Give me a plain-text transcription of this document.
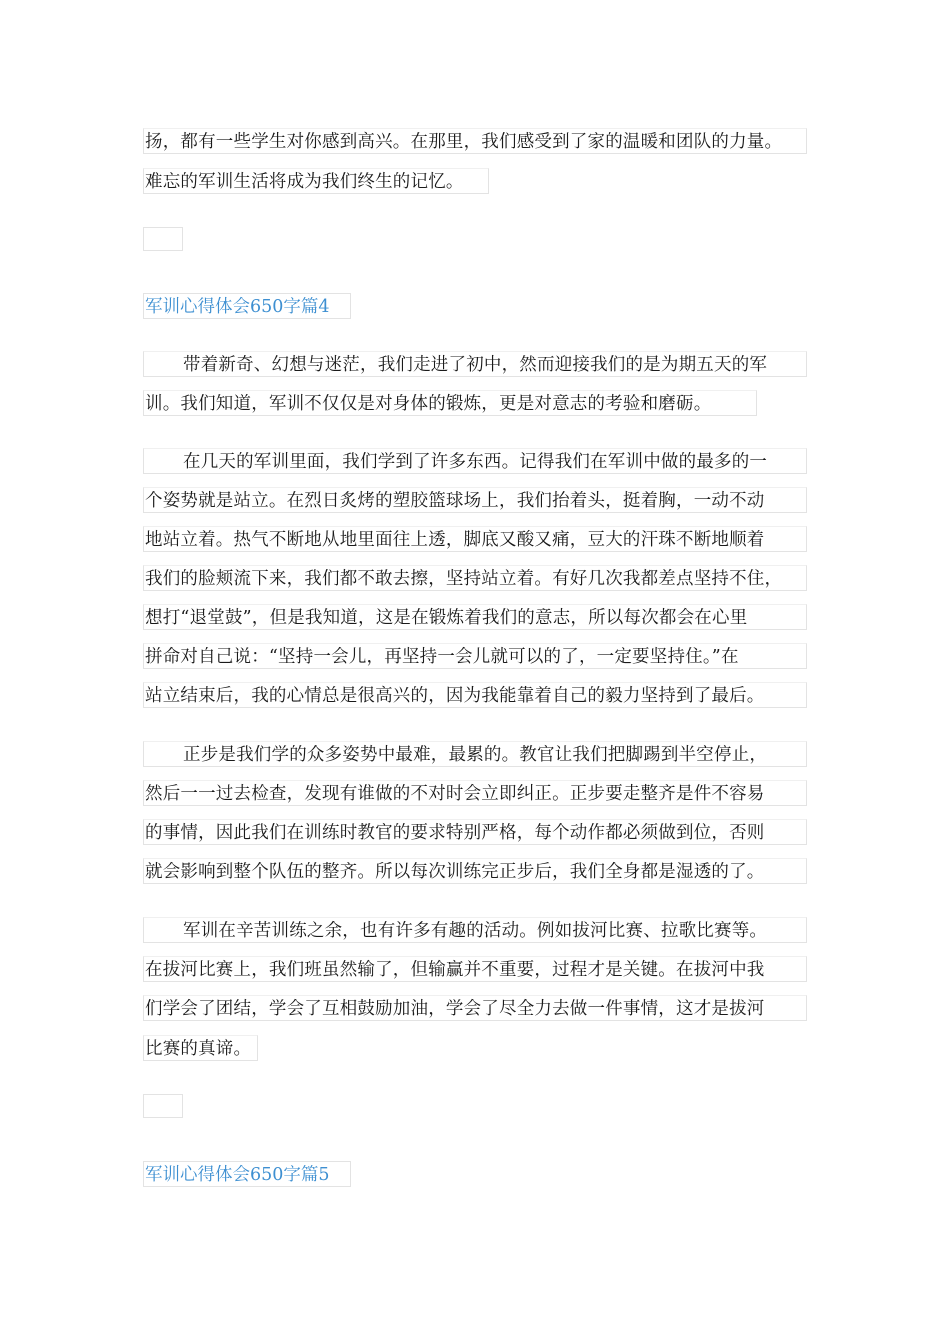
扬，都有一些学生对你感到高兴。在那里，我们感受到了家的温暖和团队的力量。
难忘的军训生活将成为我们终生的记忆。
军训心得体会650字篇4
带着新奇、幻想与迷茫，我们走进了初中，然而迎接我们的是为期五天的军
训。我们知道，军训不仅仅是对身体的锻炼，更是对意志的考验和磨砺。
在几天的军训里面，我们学到了许多东西。记得我们在军训中做的最多的一
个姿势就是站立。在烈日炙烤的塑胶篮球场上，我们抬着头，挺着胸，一动不动
地站立着。热气不断地从地里面往上透，脚底又酸又痛，豆大的汗珠不断地顺着
我们的脸颊流下来，我们都不敢去擦，坚持站立着。有好几次我都差点坚持不住，
想打“退堂鼓”，但是我知道，这是在锻炼着我们的意志，所以每次都会在心里
拼命对自己说：“坚持一会儿，再坚持一会儿就可以的了，一定要坚持住。”在
站立结束后，我的心情总是很高兴的，因为我能靠着自己的毅力坚持到了最后。
正步是我们学的众多姿势中最难，最累的。教官让我们把脚踢到半空停止，
然后一一过去检查，发现有谁做的不对时会立即纠正。正步要走整齐是件不容易
的事情，因此我们在训练时教官的要求特别严格，每个动作都必须做到位，否则
就会影响到整个队伍的整齐。所以每次训练完正步后，我们全身都是湿透的了。
军训在辛苦训练之余，也有许多有趣的活动。例如拔河比赛、拉歌比赛等。
在拔河比赛上，我们班虽然输了，但输赢并不重要，过程才是关键。在拔河中我
们学会了团结，学会了互相鼓励加油，学会了尽全力去做一件事情，这才是拔河
比赛的真谛。
军训心得体会650字篇5
